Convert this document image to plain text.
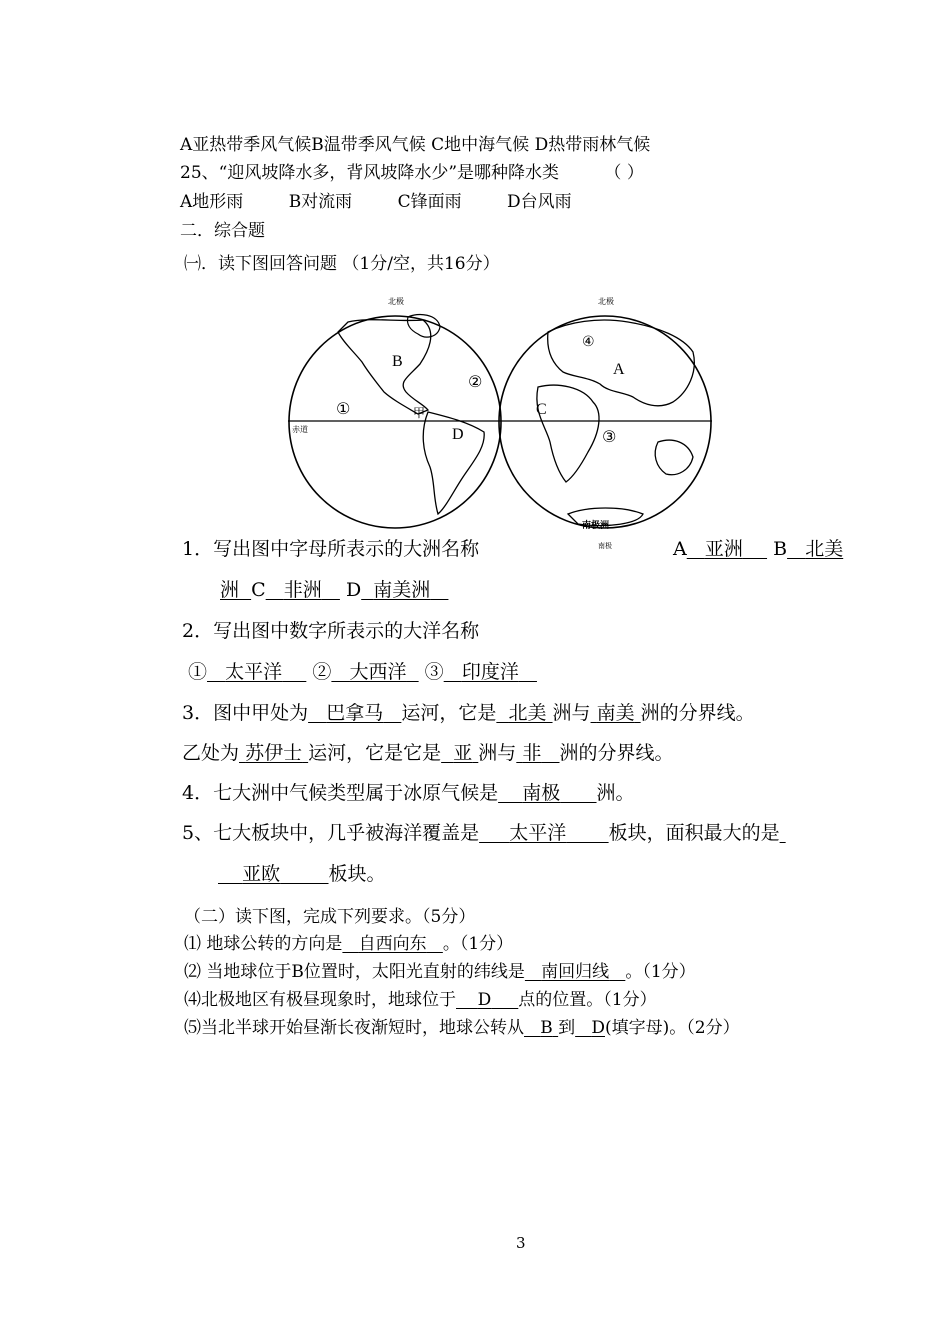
A亚热带季风气候B温带季风气候 C地中海气候 D热带雨林气候
25、“迎风坡降水多，背风坡降水少”是哪种降水类	（ ）
A地形雨	B对流雨	C锋面雨	D台风雨
二．综合题
㈠．读下图回答问题 （1分/空，共16分）
北极	北极
赤道
南极洲
南极
A
B
C
D
①
②
③
④
甲
1．写出图中字母所表示的大洲名称	A 亚洲 B 北美
洲 C 非洲 D 南美洲
2．写出图中数字所表示的大洋名称
① 太平洋 ② 大西洋 ③ 印度洋
3．图中甲处为 巴拿马 运河，它是 北美 洲与 南美 洲的分界线。
乙处为 苏伊士 运河，它是它是 亚 洲与 非 洲的分界线。
4．七大洲中气候类型属于冰原气候是 南极 洲。
5、七大板块中，几乎被海洋覆盖是 太平洋 板块，面积最大的是
亚欧	板块。
（二）读下图，完成下列要求。（5分）
⑴ 地球公转的方向是 自西向东 。（1分）
⑵ 当地球位于B位置时，太阳光直射的纬线是 南回归线 。（1分）
⑷北极地区有极昼现象时，地球位于 D 点的位置。（1分）
⑸当北半球开始昼渐长夜渐短时，地球公转从 B 到 D(填字母)。（2分）
3
